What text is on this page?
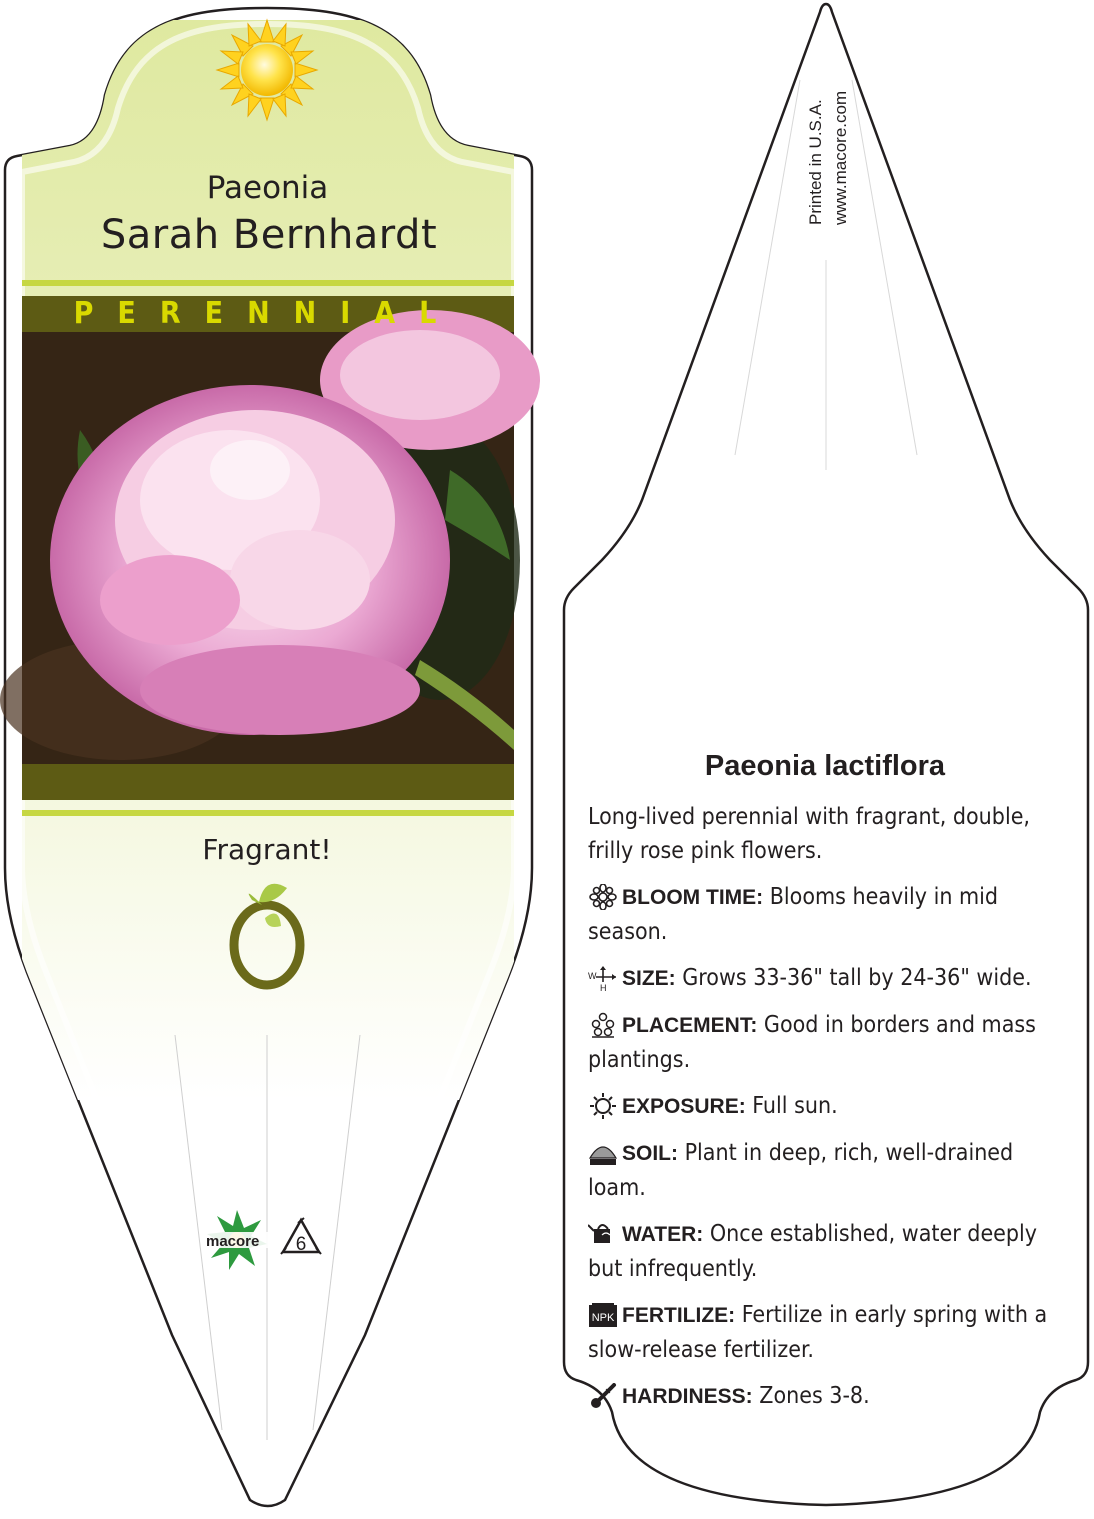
Paeonia
Sarah Bernhardt
PERENNIAL
Fragrant!
macore 6
Printed in U.S.A. www.macore.com
Paeonia lactiflora
Long-lived perennial with fragrant, double, frilly rose pink flowers.
BLOOM TIME: Blooms heavily in mid season.
W
H SIZE: Grows 33-36" tall by 24-36" wide.
PLACEMENT: Good in borders and mass plantings.
EXPOSURE: Full sun.
SOIL: Plant in deep, rich, well-drained loam.
WATER: Once established, water deeply but infrequently.
NPK FERTILIZE: Fertilize in early spring with a slow-release fertilizer.
HARDINESS: Zones 3-8.
